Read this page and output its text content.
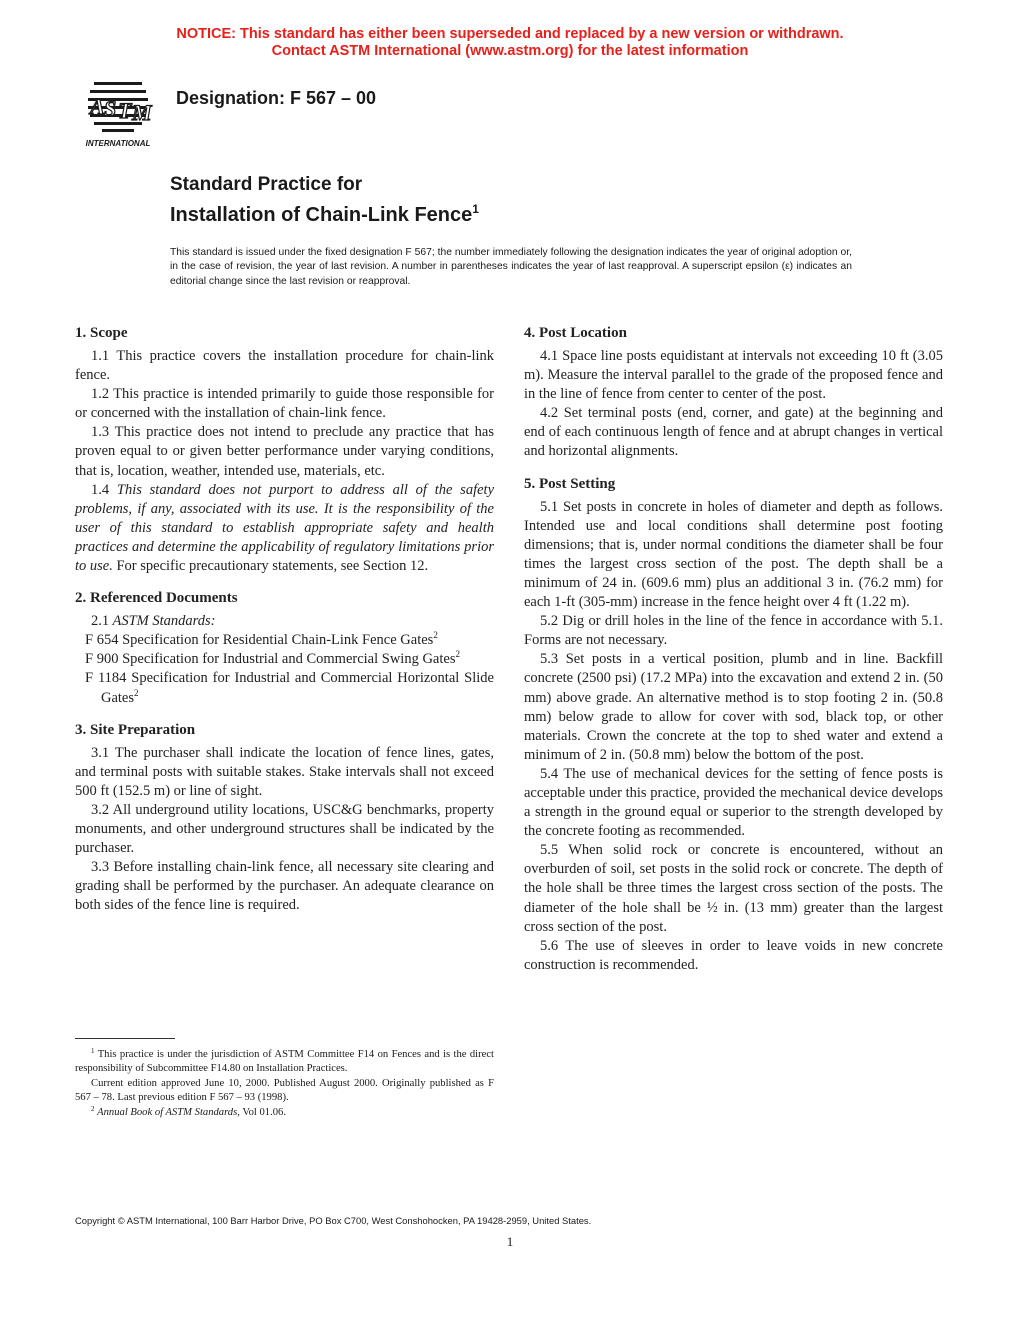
NOTICE: This standard has either been superseded and replaced by a new version or withdrawn.
Contact ASTM International (www.astm.org) for the latest information
A S T M
INTERNATIONAL
Designation: F 567 – 00
Standard Practice for
Installation of Chain-Link Fence$^1$
This standard is issued under the fixed designation F 567; the number immediately following the designation indicates the year of original adoption or, in the case of revision, the year of last revision. A number in parentheses indicates the year of last reapproval. A superscript epsilon (ε) indicates an editorial change since the last revision or reapproval.
1. Scope

1.1 This practice covers the installation procedure for chain-link fence.

1.2 This practice is intended primarily to guide those responsible for or concerned with the installation of chain-link fence.

1.3 This practice does not intend to preclude any practice that has proven equal to or given better performance under varying conditions, that is, location, weather, intended use, materials, etc.

1.4 This standard does not purport to address all of the safety problems, if any, associated with its use. It is the responsibility of the user of this standard to establish appropriate safety and health practices and determine the applicability of regulatory limitations prior to use. For specific precautionary statements, see Section 12.

2. Referenced Documents

2.1 ASTM Standards:

F 654 Specification for Residential Chain-Link Fence Gates$^2$

F 900 Specification for Industrial and Commercial Swing Gates$^2$

F 1184 Specification for Industrial and Commercial Horizontal Slide Gates$^2$

3. Site Preparation

3.1 The purchaser shall indicate the location of fence lines, gates, and terminal posts with suitable stakes. Stake intervals shall not exceed 500 ft (152.5 m) or line of sight.

3.2 All underground utility locations, USC&G benchmarks, property monuments, and other underground structures shall be indicated by the purchaser.

3.3 Before installing chain-link fence, all necessary site clearing and grading shall be performed by the purchaser. An adequate clearance on both sides of the fence line is required.

4. Post Location

4.1 Space line posts equidistant at intervals not exceeding 10 ft (3.05 m). Measure the interval parallel to the grade of the proposed fence and in the line of fence from center to center of the post.

4.2 Set terminal posts (end, corner, and gate) at the beginning and end of each continuous length of fence and at abrupt changes in vertical and horizontal alignments.

5. Post Setting

5.1 Set posts in concrete in holes of diameter and depth as follows. Intended use and local conditions shall determine post footing dimensions; that is, under normal conditions the diameter shall be four times the largest cross section of the post. The depth shall be a minimum of 24 in. (609.6 mm) plus an additional 3 in. (76.2 mm) for each 1-ft (305-mm) increase in the fence height over 4 ft (1.22 m).

5.2 Dig or drill holes in the line of the fence in accordance with 5.1. Forms are not necessary.

5.3 Set posts in a vertical position, plumb and in line. Backfill concrete (2500 psi) (17.2 MPa) into the excavation and extend 2 in. (50 mm) above grade. An alternative method is to stop footing 2 in. (50.8 mm) below grade to allow for cover with sod, black top, or other materials. Crown the concrete at the top to shed water and extend a minimum of 2 in. (50.8 mm) below the bottom of the post.

5.4 The use of mechanical devices for the setting of fence posts is acceptable under this practice, provided the mechanical device develops a strength in the ground equal or superior to the strength developed by the concrete footing as recommended.

5.5 When solid rock or concrete is encountered, without an overburden of soil, set posts in the solid rock or concrete. The depth of the hole shall be three times the largest cross section of the posts. The diameter of the hole shall be ½ in. (13 mm) greater than the largest cross section of the post.

5.6 The use of sleeves in order to leave voids in new concrete construction is recommended.

$^1$ This practice is under the jurisdiction of ASTM Committee F14 on Fences and is the direct responsibility of Subcommittee F14.80 on Installation Practices.

Current edition approved June 10, 2000. Published August 2000. Originally published as F 567 – 78. Last previous edition F 567 – 93 (1998).

$^2$ Annual Book of ASTM Standards, Vol 01.06.

Copyright © ASTM International, 100 Barr Harbor Drive, PO Box C700, West Conshohocken, PA 19428-2959, United States.
1
